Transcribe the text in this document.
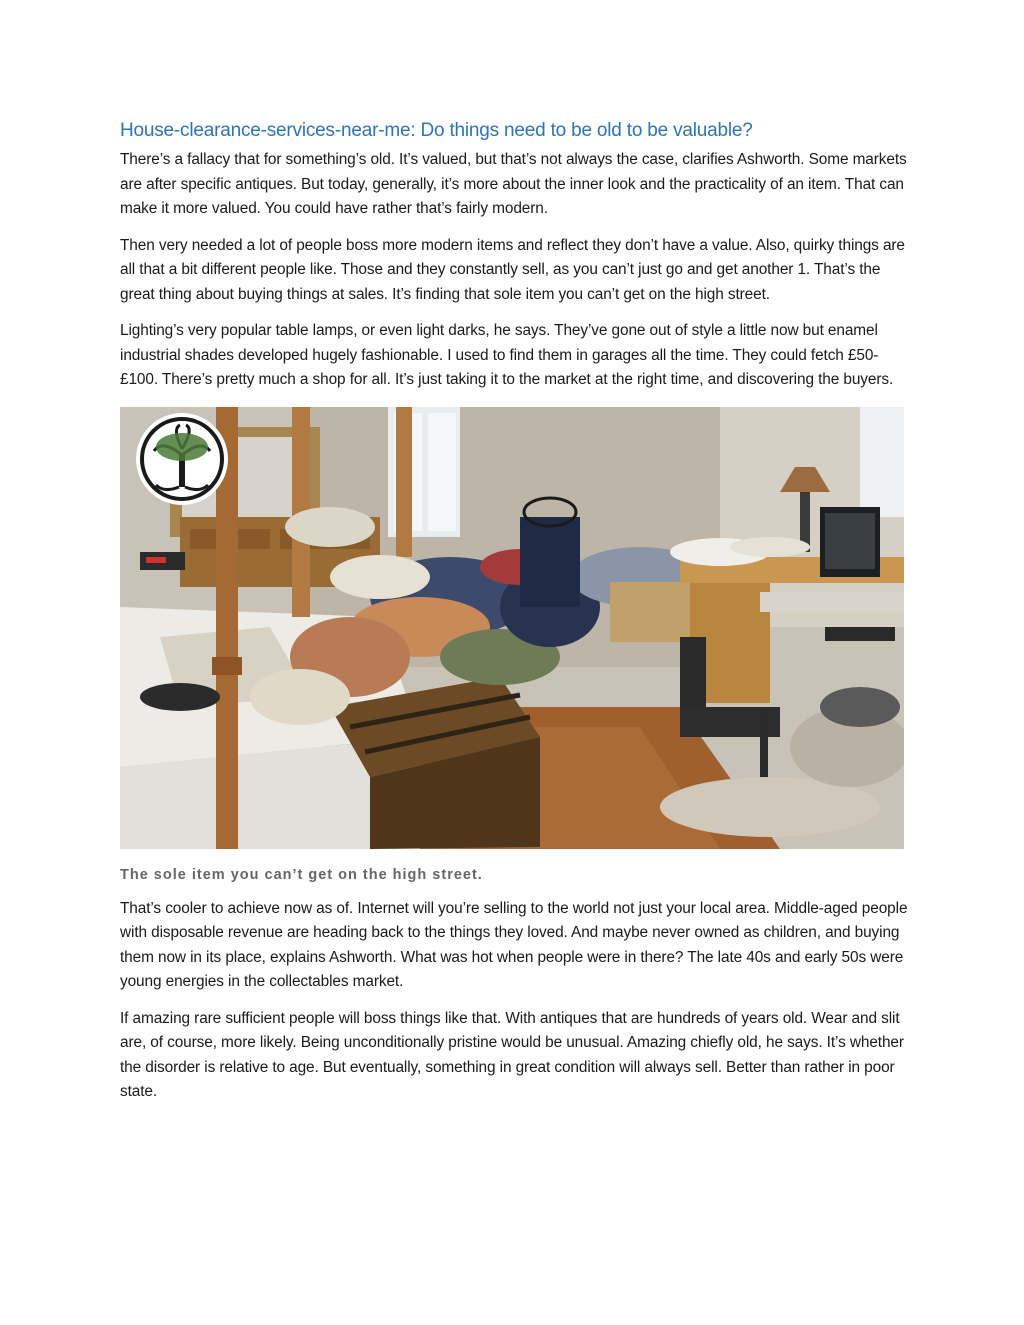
House-clearance-services-near-me: Do things need to be old to be valuable?

There’s a fallacy that for something’s old. It’s valued, but that’s not always the case, clarifies Ashworth. Some markets are after specific antiques. But today, generally, it’s more about the inner look and the practicality of an item. That can make it more valued. You could have rather that’s fairly modern.

Then very needed a lot of people boss more modern items and reflect they don’t have a value. Also, quirky things are all that a bit different people like. Those and they constantly sell, as you can’t just go and get another 1. That’s the great thing about buying things at sales. It’s finding that sole item you can’t get on the high street.

Lighting’s very popular table lamps, or even light darks, he says. They’ve gone out of style a little now but enamel industrial shades developed hugely fashionable. I used to find them in garages all the time. They could fetch £50-£100. There’s pretty much a shop for all. It’s just taking it to the market at the right time, and discovering the buyers.

The sole item you can’t get on the high street.

That’s cooler to achieve now as of. Internet will you’re selling to the world not just your local area. Middle-aged people with disposable revenue are heading back to the things they loved. And maybe never owned as children, and buying them now in its place, explains Ashworth. What was hot when people were in there? The late 40s and early 50s were young energies in the collectables market.

If amazing rare sufficient people will boss things like that. With antiques that are hundreds of years old. Wear and slit are, of course, more likely. Being unconditionally pristine would be unusual. Amazing chiefly old, he says. It’s whether the disorder is relative to age. But eventually, something in great condition will always sell. Better than rather in poor state.
